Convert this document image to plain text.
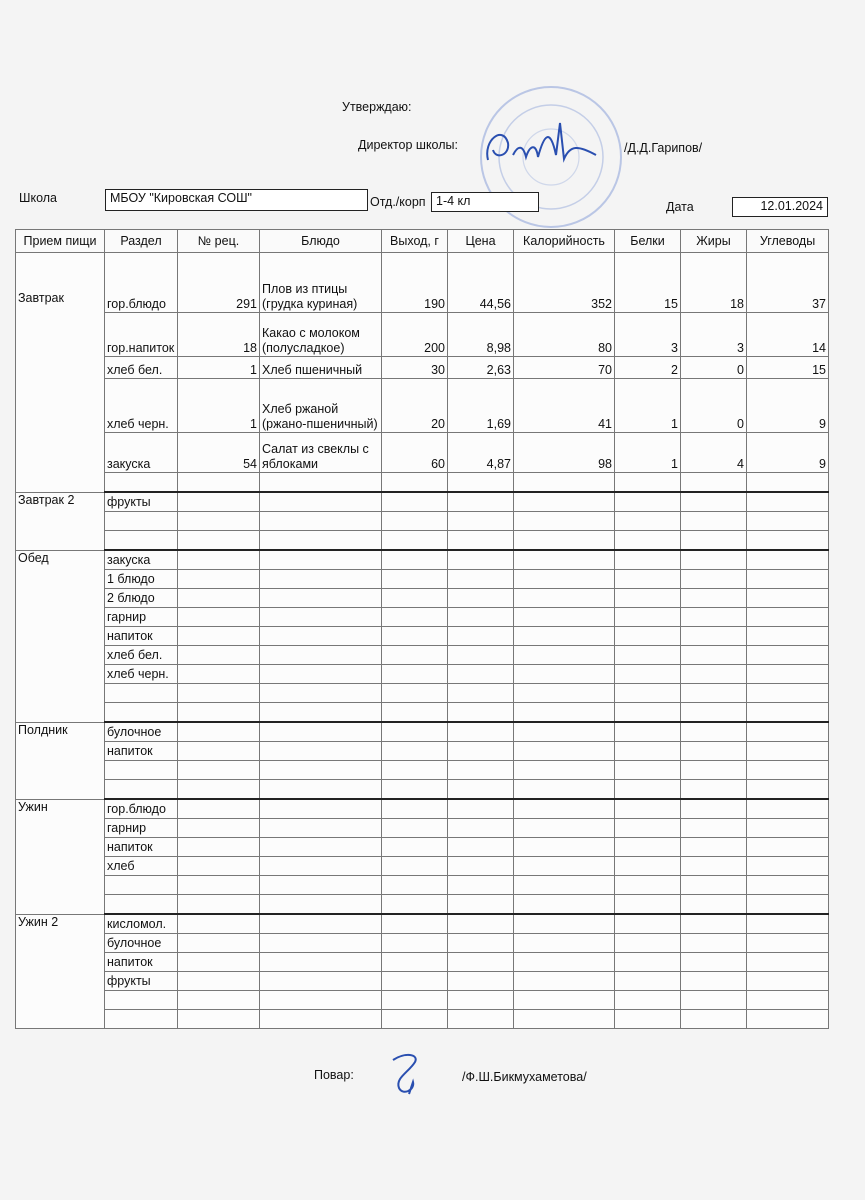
Утверждаю:
Директор школы:	/Д.Д.Гарипов/
Школа	МБОУ "Кировская СОШ"	Отд./корп 1-4 кл	Дата	12.01.2024
Прием пищи	Раздел	№ рец.	Блюдо	Выход, г	Цена	Калорийность	Белки	Жиры	Углеводы
Завтрак	гор.блюдо	291	Плов из птицы (грудка куриная)	190	44,56	352	15	18	37
	гор.напиток	18	Какао с молоком (полусладкое)	200	8,98	80	3	3	14
	хлеб бел.	1	Хлеб пшеничный	30	2,63	70	2	0	15
	хлеб черн.	1	Хлеб ржаной (ржано-пшеничный)	20	1,69	41	1	0	9
	закуска	54	Салат из свеклы с яблоками	60	4,87	98	1	4	9

Завтрак 2	фрукты								

Обед	закуска								
	1 блюдо								
	2 блюдо								
	гарнир								
	напиток								
	хлеб бел.								
	хлеб черн.								

Полдник	булочное								
	напиток								

Ужин	гор.блюдо								
	гарнир								
	напиток								
	хлеб								

Ужин 2	кисломол.								
	булочное								
	напиток								
	фрукты								

Повар:	/Ф.Ш.Бикмухаметова/
